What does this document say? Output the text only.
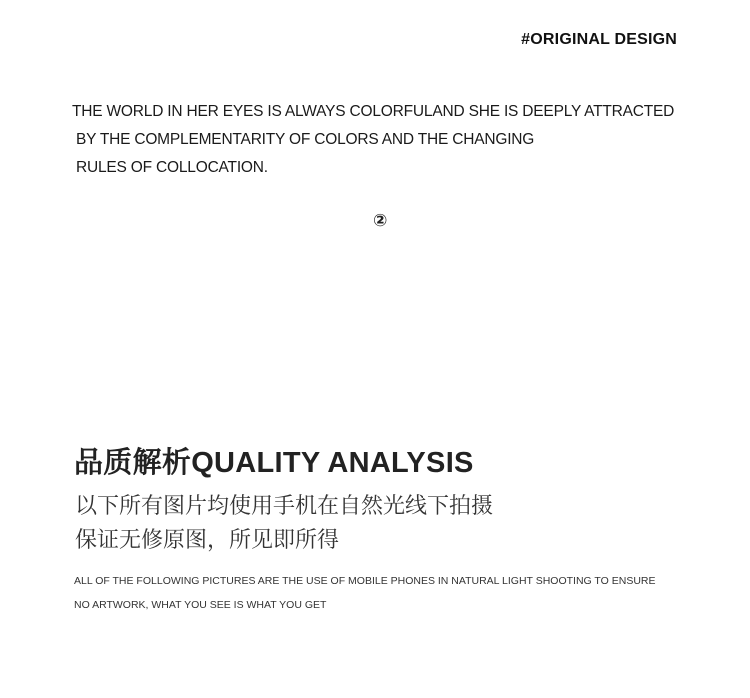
#ORIGINAL DESIGN
THE WORLD IN HER EYES IS ALWAYS COLORFULAND SHE IS DEEPLY ATTRACTED
BY THE COMPLEMENTARITY OF COLORS AND THE CHANGING
RULES OF COLLOCATION.
②
品质解析QUALITY ANALYSIS
以下所有图片均使用手机在自然光线下拍摄
保证无修原图，所见即所得
ALL OF THE FOLLOWING PICTURES ARE THE USE OF MOBILE PHONES IN NATURAL LIGHT SHOOTING TO ENSURE
NO ARTWORK, WHAT YOU SEE IS WHAT YOU GET
